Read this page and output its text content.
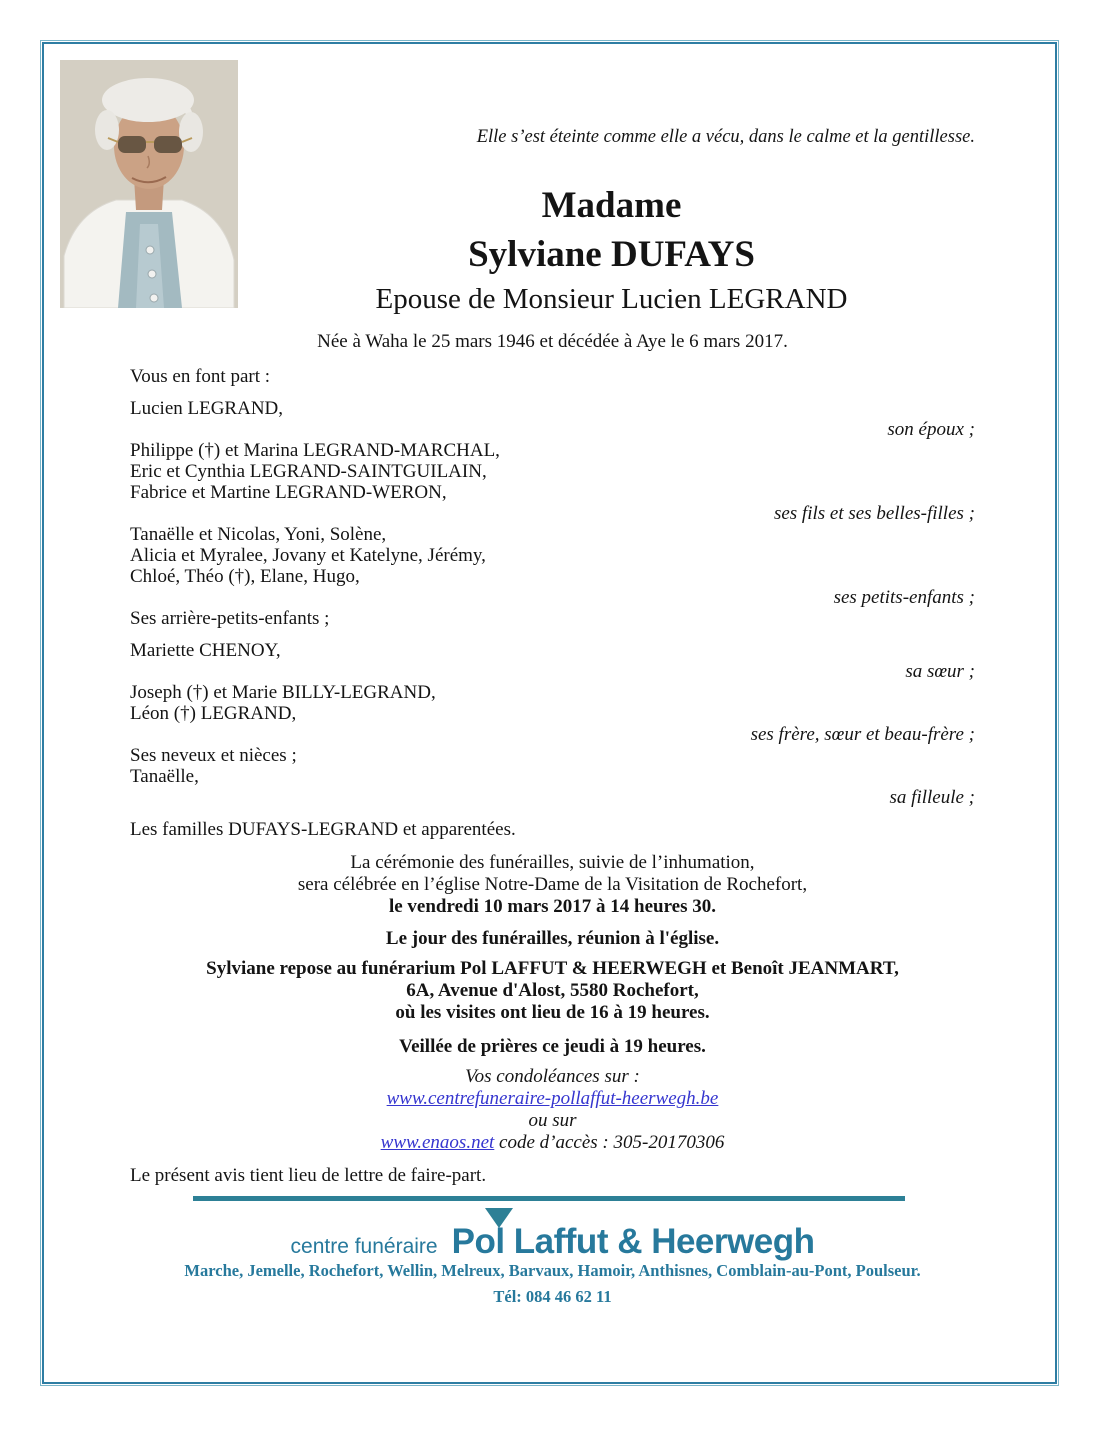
Elle s’est éteinte comme elle a vécu, dans le calme et la gentillesse.
Madame
Sylviane DUFAYS
Epouse de Monsieur Lucien LEGRAND
Née à Waha le 25 mars 1946 et décédée à Aye le 6 mars 2017.
Vous en font part :
Lucien LEGRAND,
son époux ;
Philippe (†) et Marina LEGRAND-MARCHAL,
Eric et Cynthia LEGRAND-SAINTGUILAIN,
Fabrice et Martine LEGRAND-WERON,
ses fils et ses belles-filles ;
Tanaëlle et Nicolas, Yoni, Solène,
Alicia et Myralee, Jovany et Katelyne, Jérémy,
Chloé, Théo (†), Elane, Hugo,
ses petits-enfants ;
Ses arrière-petits-enfants ;
Mariette CHENOY,
sa sœur ;
Joseph (†) et Marie BILLY-LEGRAND,
Léon (†) LEGRAND,
ses frère, sœur et beau-frère ;
Ses neveux et nièces ;
Tanaëlle,
sa filleule ;
Les familles DUFAYS-LEGRAND et apparentées.
La cérémonie des funérailles, suivie de l’inhumation,
sera célébrée en l’église Notre-Dame de la Visitation de Rochefort,
le vendredi 10 mars 2017 à 14 heures 30.
Le jour des funérailles, réunion à l'église.
Sylviane repose au funérarium Pol LAFFUT & HEERWEGH et Benoît JEANMART,
6A, Avenue d'Alost, 5580 Rochefort,
où les visites ont lieu de 16 à 19 heures.
Veillée de prières ce jeudi à 19 heures.
Vos condoléances sur :
www.centrefuneraire-pollaffut-heerwegh.be
ou sur
www.enaos.net code d’accès : 305-20170306
Le présent avis tient lieu de lettre de faire-part.
centre funéraire Pol Laffut & Heerwegh
Marche, Jemelle, Rochefort, Wellin, Melreux, Barvaux, Hamoir, Anthisnes, Comblain-au-Pont, Poulseur.
Tél: 084 46 62 11
